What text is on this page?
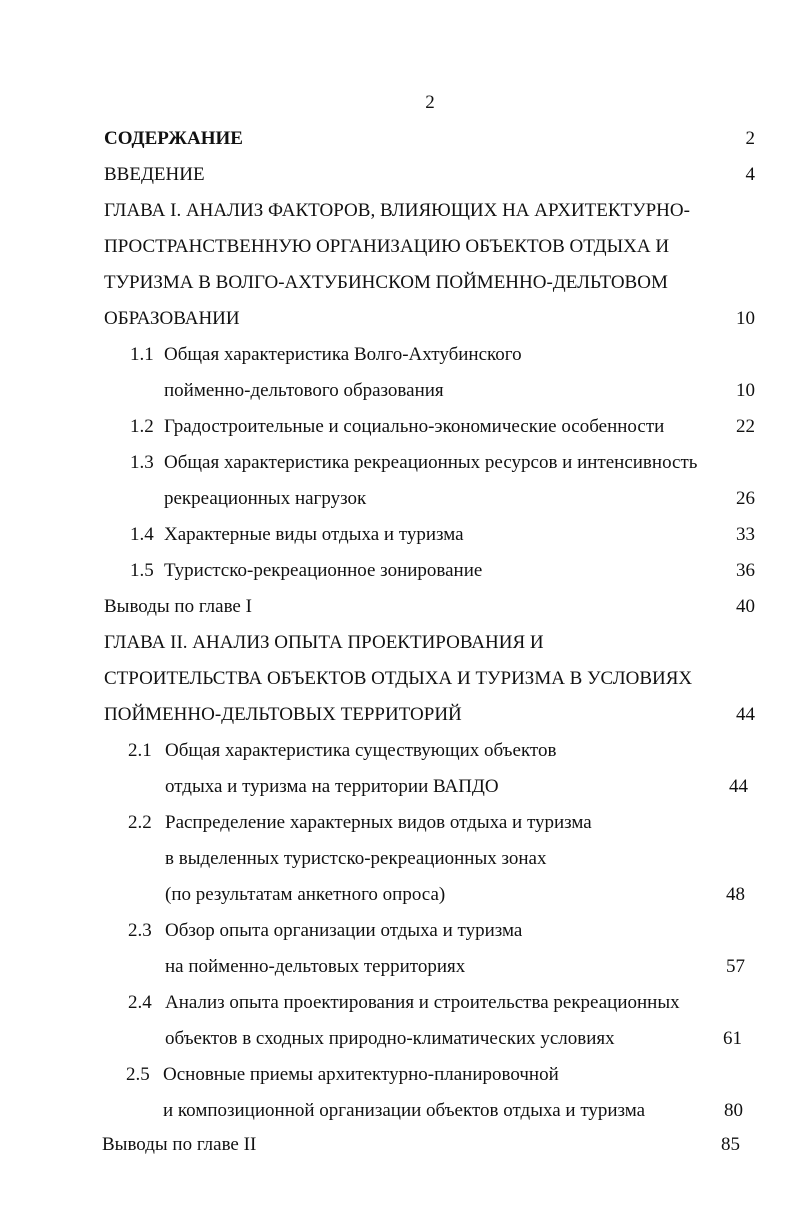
2
СОДЕРЖАНИЕ	2
ВВЕДЕНИЕ	4
ГЛАВА I. АНАЛИЗ ФАКТОРОВ, ВЛИЯЮЩИХ НА АРХИТЕКТУРНО-
ПРОСТРАНСТВЕННУЮ ОРГАНИЗАЦИЮ ОБЪЕКТОВ ОТДЫХА И
ТУРИЗМА В ВОЛГО-АХТУБИНСКОМ ПОЙМЕННО-ДЕЛЬТОВОМ
ОБРАЗОВАНИИ	10
1.1 Общая характеристика Волго-Ахтубинского
пойменно-дельтового образования	10
1.2 Градостроительные и социально-экономические особенности	22
1.3 Общая характеристика рекреационных ресурсов и интенсивность
рекреационных нагрузок	26
1.4 Характерные виды отдыха и туризма	33
1.5 Туристско-рекреационное зонирование	36
Выводы по главе I	40
ГЛАВА II. АНАЛИЗ ОПЫТА ПРОЕКТИРОВАНИЯ И
СТРОИТЕЛЬСТВА ОБЪЕКТОВ ОТДЫХА И ТУРИЗМА В УСЛОВИЯХ
ПОЙМЕННО-ДЕЛЬТОВЫХ ТЕРРИТОРИЙ	44
2.1 Общая характеристика существующих объектов
отдыха и туризма на территории ВАПДО	44
2.2 Распределение характерных видов отдыха и туризма
в выделенных туристско-рекреационных зонах
(по результатам анкетного опроса)	48
2.3 Обзор опыта организации отдыха и туризма
на пойменно-дельтовых территориях	57
2.4 Анализ опыта проектирования и строительства рекреационных
объектов в сходных природно-климатических условиях	61
2.5 Основные приемы архитектурно-планировочной
и композиционной организации объектов отдыха и туризма	80
Выводы по главе II	85
